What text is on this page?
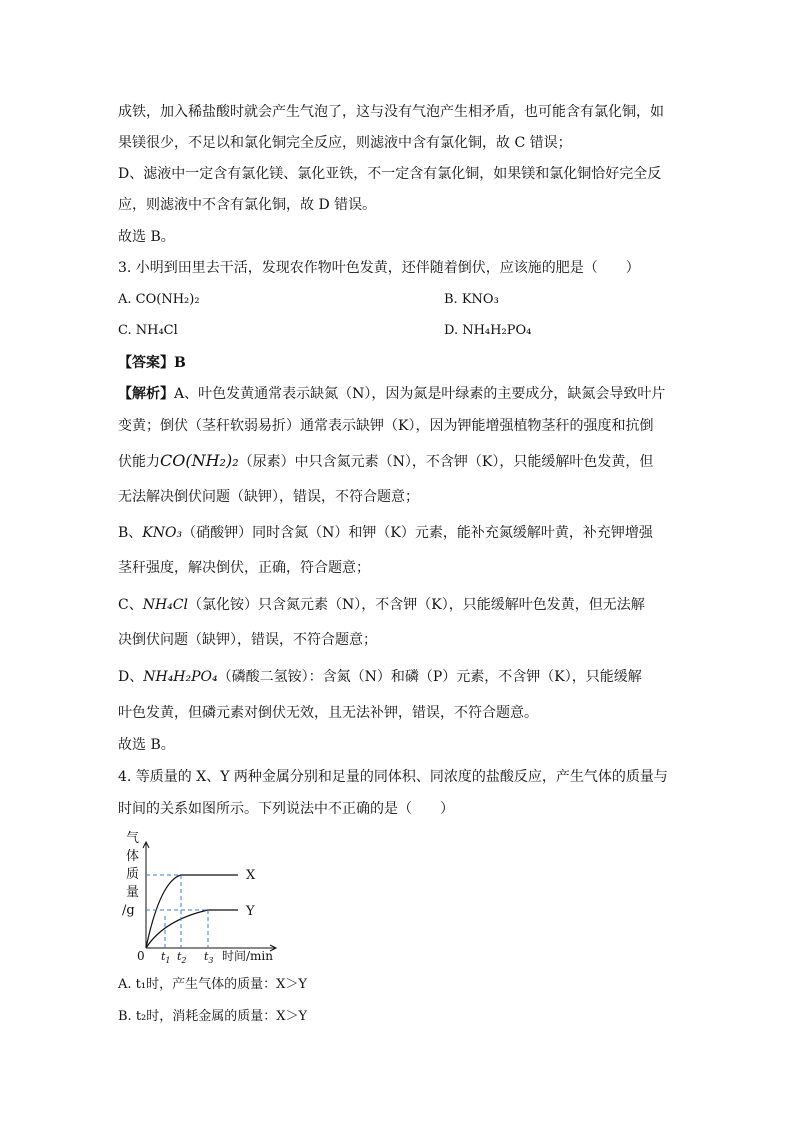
成铁，加入稀盐酸时就会产生气泡了，这与没有气泡产生相矛盾，也可能含有氯化铜，如
果镁很少，不足以和氯化铜完全反应，则滤液中含有氯化铜，故 C 错误；
D、滤液中一定含有氯化镁、氯化亚铁，不一定含有氯化铜，如果镁和氯化铜恰好完全反
应，则滤液中不含有氯化铜，故 D 错误。
故选 B。
3. 小明到田里去干活，发现农作物叶色发黄，还伴随着倒伏，应该施的肥是（　　）
A. CO(NH₂)₂	B. KNO₃
C. NH₄Cl	D. NH₄H₂PO₄
【答案】B
【解析】A、叶色发黄通常表示缺氮（N），因为氮是叶绿素的主要成分，缺氮会导致叶片
变黄；倒伏（茎秆软弱易折）通常表示缺钾（K），因为钾能增强植物茎秆的强度和抗倒
伏能力CO(NH₂)₂（尿素）中只含氮元素（N），不含钾（K），只能缓解叶色发黄，但
无法解决倒伏问题（缺钾），错误，不符合题意；
B、KNO₃（硝酸钾）同时含氮（N）和钾（K）元素，能补充氮缓解叶黄，补充钾增强
茎秆强度，解决倒伏，正确，符合题意；
C、NH₄Cl（氯化铵）只含氮元素（N），不含钾（K），只能缓解叶色发黄，但无法解
决倒伏问题（缺钾），错误，不符合题意；
D、NH₄H₂PO₄（磷酸二氢铵）：含氮（N）和磷（P）元素，不含钾（K），只能缓解
叶色发黄，但磷元素对倒伏无效，且无法补钾，错误，不符合题意。
故选 B。
4. 等质量的 X、Y 两种金属分别和足量的同体积、同浓度的盐酸反应，产生气体的质量与
时间的关系如图所示。下列说法中不正确的是（　　）
气
体
质
量
/g
0
X
Y
$t_1$ $t_2$ $t_3$ 时间/min
A. t₁时，产生气体的质量：X＞Y
B. t₂时，消耗金属的质量：X＞Y
